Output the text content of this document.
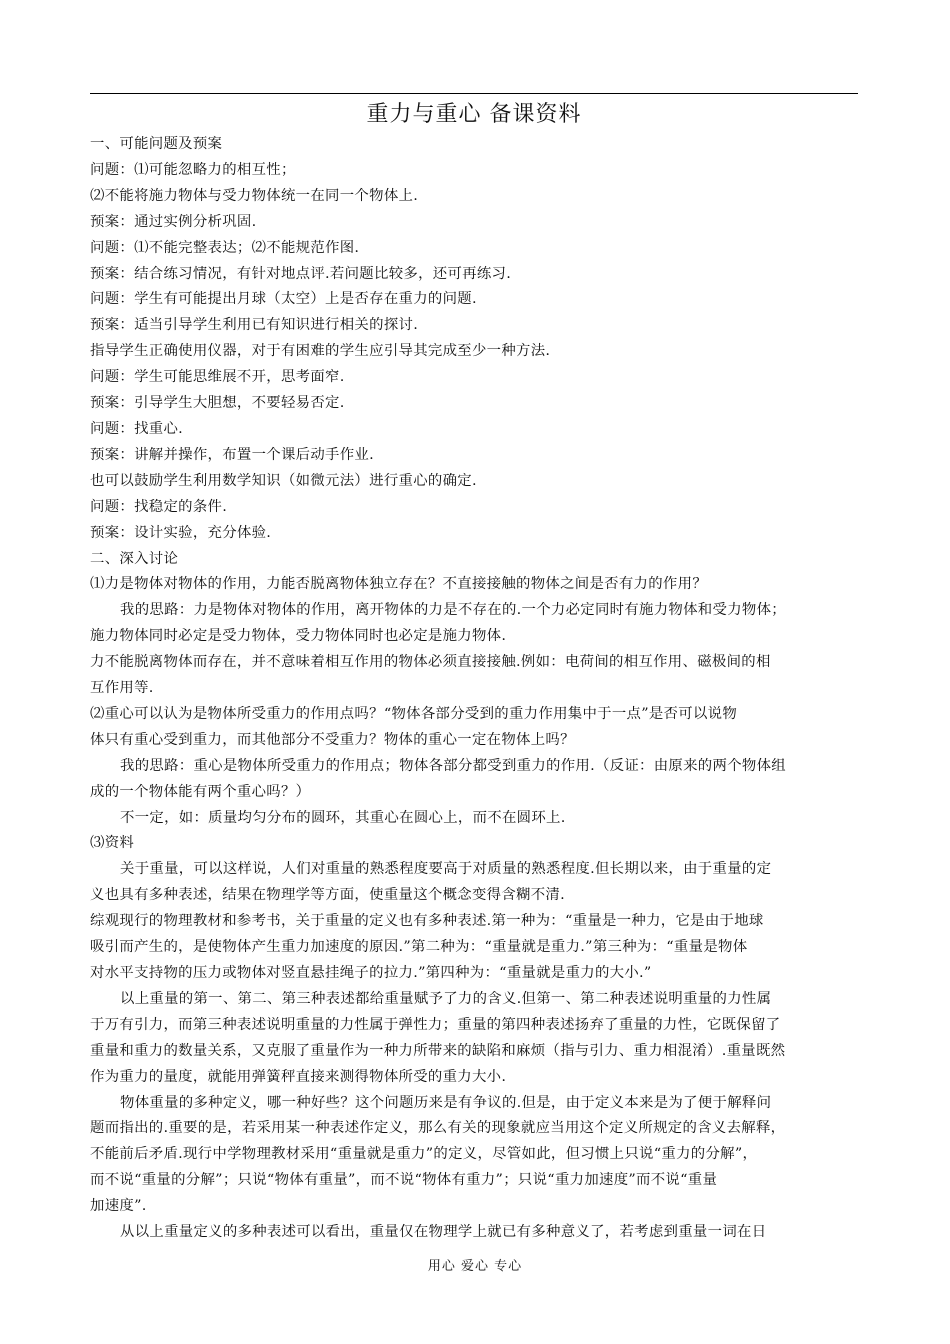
重力与重心 备课资料
一、可能问题及预案
问题：⑴可能忽略力的相互性；
⑵不能将施力物体与受力物体统一在同一个物体上.
预案：通过实例分析巩固.
问题：⑴不能完整表达；⑵不能规范作图.
预案：结合练习情况，有针对地点评.若问题比较多，还可再练习.
问题：学生有可能提出月球（太空）上是否存在重力的问题.
预案：适当引导学生利用已有知识进行相关的探讨.
指导学生正确使用仪器，对于有困难的学生应引导其完成至少一种方法.
问题：学生可能思维展不开，思考面窄.
预案：引导学生大胆想，不要轻易否定.
问题：找重心.
预案：讲解并操作，布置一个课后动手作业.
也可以鼓励学生利用数学知识（如微元法）进行重心的确定.
问题：找稳定的条件.
预案：设计实验，充分体验.
二、深入讨论
⑴力是物体对物体的作用，力能否脱离物体独立存在？不直接接触的物体之间是否有力的作用？
我的思路：力是物体对物体的作用，离开物体的力是不存在的.一个力必定同时有施力物体和受力物体；
施力物体同时必定是受力物体，受力物体同时也必定是施力物体.
力不能脱离物体而存在，并不意味着相互作用的物体必须直接接触.例如：电荷间的相互作用、磁极间的相
互作用等.
⑵重心可以认为是物体所受重力的作用点吗？“物体各部分受到的重力作用集中于一点”是否可以说物
体只有重心受到重力，而其他部分不受重力？物体的重心一定在物体上吗？
我的思路：重心是物体所受重力的作用点；物体各部分都受到重力的作用.（反证：由原来的两个物体组
成的一个物体能有两个重心吗？）
不一定，如：质量均匀分布的圆环，其重心在圆心上，而不在圆环上.
⑶资料
关于重量，可以这样说，人们对重量的熟悉程度要高于对质量的熟悉程度.但长期以来，由于重量的定
义也具有多种表述，结果在物理学等方面，使重量这个概念变得含糊不清.
综观现行的物理教材和参考书，关于重量的定义也有多种表述.第一种为：“重量是一种力，它是由于地球
吸引而产生的，是使物体产生重力加速度的原因.”第二种为：“重量就是重力.”第三种为：“重量是物体
对水平支持物的压力或物体对竖直悬挂绳子的拉力.”第四种为：“重量就是重力的大小.”
以上重量的第一、第二、第三种表述都给重量赋予了力的含义.但第一、第二种表述说明重量的力性属
于万有引力，而第三种表述说明重量的力性属于弹性力；重量的第四种表述扬弃了重量的力性，它既保留了
重量和重力的数量关系，又克服了重量作为一种力所带来的缺陷和麻烦（指与引力、重力相混淆）.重量既然
作为重力的量度，就能用弹簧秤直接来测得物体所受的重力大小.
物体重量的多种定义，哪一种好些？这个问题历来是有争议的.但是，由于定义本来是为了便于解释问
题而指出的.重要的是，若采用某一种表述作定义，那么有关的现象就应当用这个定义所规定的含义去解释，
不能前后矛盾.现行中学物理教材采用“重量就是重力”的定义，尽管如此，但习惯上只说“重力的分解”，
而不说“重量的分解”；只说“物体有重量”，而不说“物体有重力”；只说“重力加速度”而不说“重量
加速度”.
从以上重量定义的多种表述可以看出，重量仅在物理学上就已有多种意义了，若考虑到重量一词在日
用心 爱心 专心
